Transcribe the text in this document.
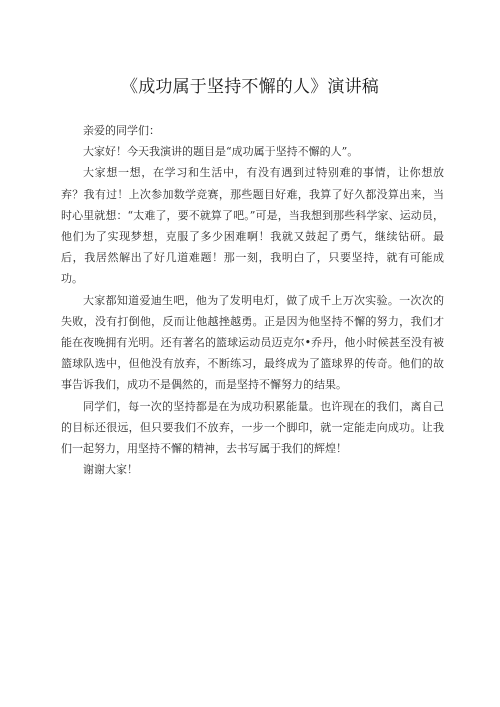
《成功属于坚持不懈的人》演讲稿

亲爱的同学们：

大家好！今天我演讲的题目是“成功属于坚持不懈的人”。

大家想一想，在学习和生活中，有没有遇到过特别难的事情，让你想放弃？我有过！上次参加数学竞赛，那些题目好难，我算了好久都没算出来，当时心里就想：“太难了，要不就算了吧。”可是，当我想到那些科学家、运动员，他们为了实现梦想，克服了多少困难啊！我就又鼓起了勇气，继续钻研。最后，我居然解出了好几道难题！那一刻，我明白了，只要坚持，就有可能成功。

大家都知道爱迪生吧，他为了发明电灯，做了成千上万次实验。一次次的失败，没有打倒他，反而让他越挫越勇。正是因为他坚持不懈的努力，我们才能在夜晚拥有光明。还有著名的篮球运动员迈克尔•乔丹，他小时候甚至没有被篮球队选中，但他没有放弃，不断练习，最终成为了篮球界的传奇。他们的故事告诉我们，成功不是偶然的，而是坚持不懈努力的结果。

同学们，每一次的坚持都是在为成功积累能量。也许现在的我们，离自己的目标还很远，但只要我们不放弃，一步一个脚印，就一定能走向成功。让我们一起努力，用坚持不懈的精神，去书写属于我们的辉煌！

谢谢大家！
